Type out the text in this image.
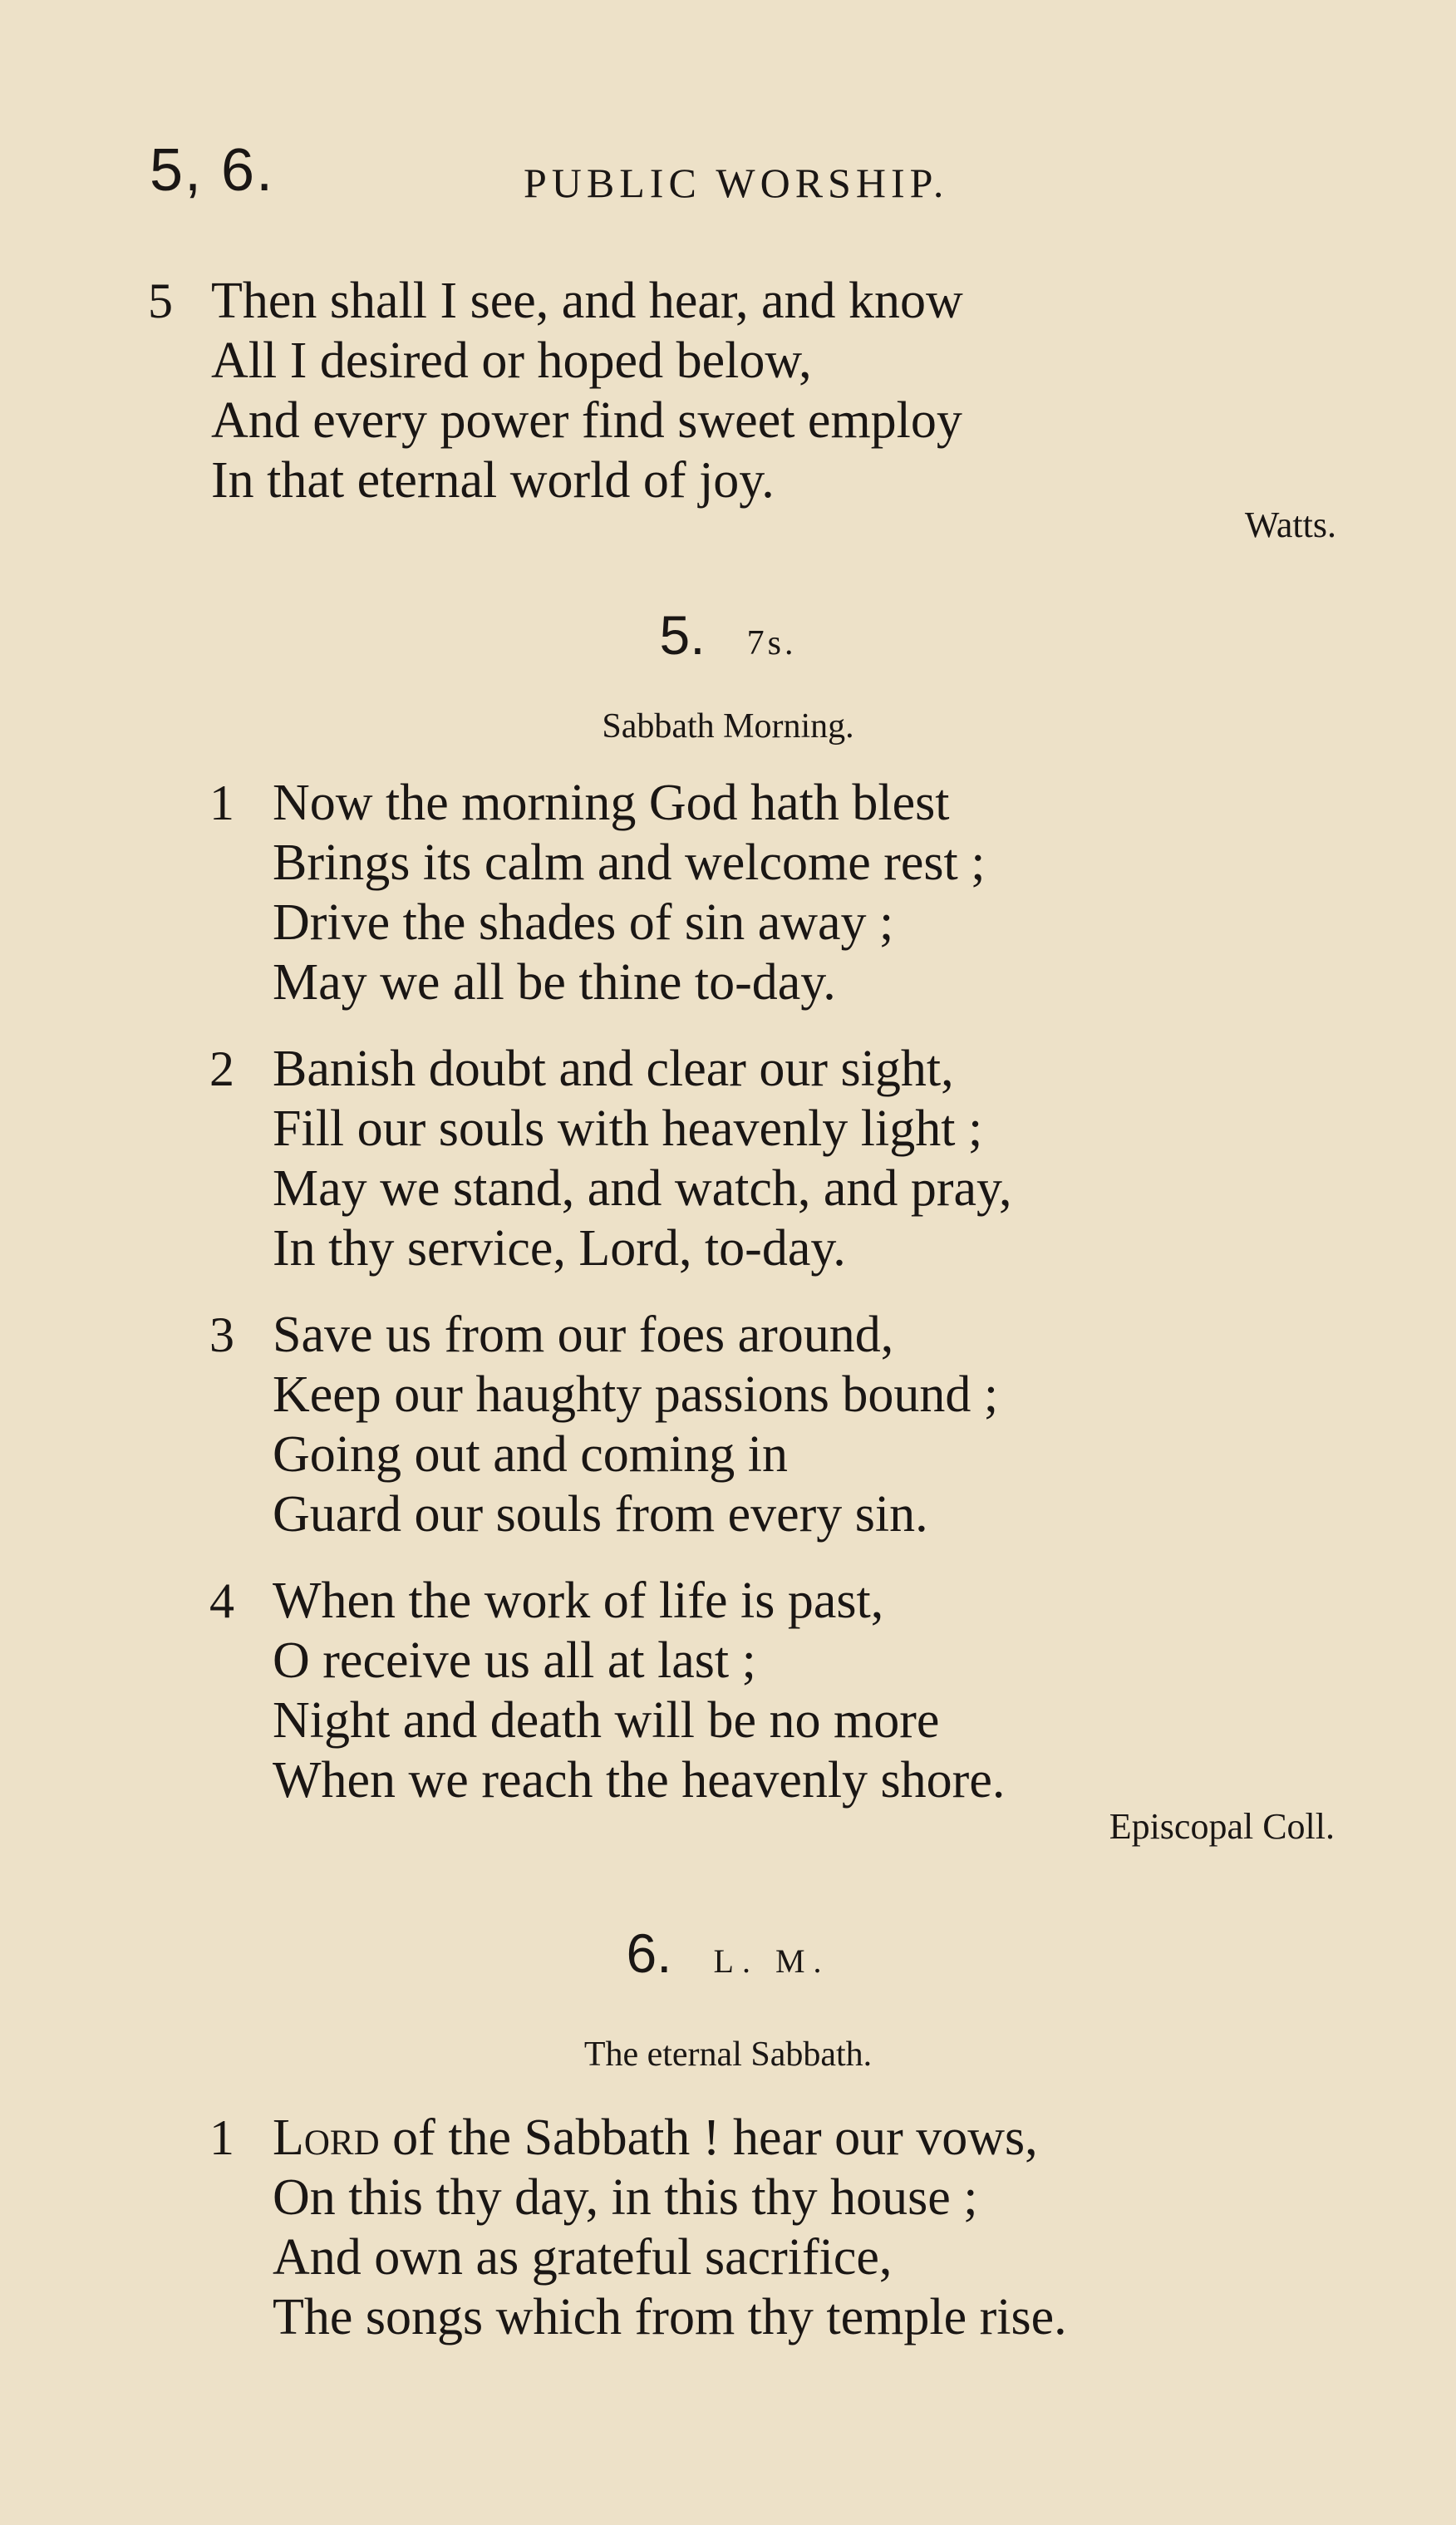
5, 6.	PUBLIC WORSHIP.
5 Then shall I see, and hear, and know
All I desired or hoped below,
And every power find sweet employ
In that eternal world of joy.
Watts.
5. 7s.
Sabbath Morning.
1 Now the morning God hath blest
Brings its calm and welcome rest ;
Drive the shades of sin away ;
May we all be thine to-day.
2 Banish doubt and clear our sight,
Fill our souls with heavenly light ;
May we stand, and watch, and pray,
In thy service, Lord, to-day.
3 Save us from our foes around,
Keep our haughty passions bound ;
Going out and coming in
Guard our souls from every sin.
4 When the work of life is past,
O receive us all at last ;
Night and death will be no more
When we reach the heavenly shore.
Episcopal Coll.
6. L. M.
The eternal Sabbath.
1 Lord of the Sabbath ! hear our vows,
On this thy day, in this thy house ;
And own as grateful sacrifice,
The songs which from thy temple rise.
